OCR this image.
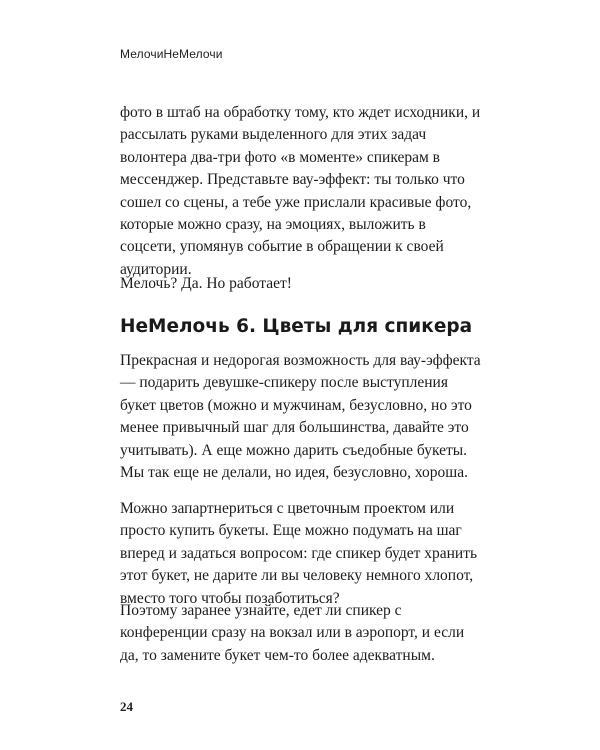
МелочиНеМелочи

фото в штаб на обработку тому, кто ждет исходники, и рассылать руками выделенного для этих задач волонтера два-три фото «в моменте» спикерам в мессенджер. Представьте вау-эффект: ты только что сошел со сцены, а тебе уже прислали красивые фото, которые можно сразу, на эмоциях, выложить в соцсети, упомянув событие в обращении к своей аудитории.

Мелочь? Да. Но работает!

НеМелочь 6. Цветы для спикера

Прекрасная и недорогая возможность для вау-эффекта — подарить девушке-спикеру после выступления букет цветов (можно и мужчинам, безусловно, но это менее привычный шаг для большинства, давайте это учитывать). А еще можно дарить съедобные букеты. Мы так еще не делали, но идея, безусловно, хороша.

Можно запартнериться с цветочным проектом или просто купить букеты. Еще можно подумать на шаг вперед и задаться вопросом: где спикер будет хранить этот букет, не дарите ли вы человеку немного хлопот, вместо того чтобы позаботиться?

Поэтому заранее узнайте, едет ли спикер с конференции сразу на вокзал или в аэропорт, и если да, то замените букет чем-то более адекватным.

24
